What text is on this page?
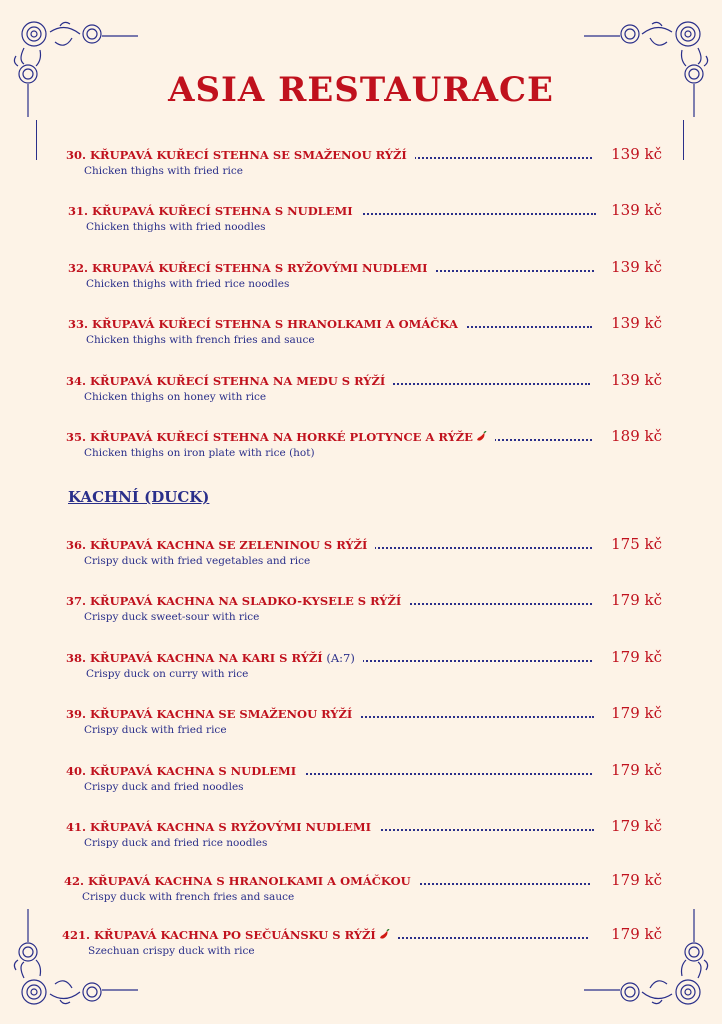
ASIA RESTAURACE
KACHNÍ (DUCK)
30. KŘUPAVÁ KUŘECÍ STEHNA SE SMAŽENOU RÝŽÍ	139 kč
Chicken thighs with fried rice
31. KŘUPAVÁ KUŘECÍ STEHNA S NUDLEMI	139 kč
Chicken thighs with fried noodles
32. KRUPAVÁ KUŘECÍ STEHNA S RYŽOVÝMI NUDLEMI	139 kč
Chicken thighs with fried rice noodles
33. KŘUPAVÁ KUŘECÍ STEHNA S HRANOLKAMI A OMÁČKA	139 kč
Chicken thighs with french fries and sauce
34. KŘUPAVÁ KUŘECÍ STEHNA NA MEDU S RÝŽÍ	139 kč
Chicken thighs on honey with rice
35. KŘUPAVÁ KUŘECÍ STEHNA NA HORKÉ PLOTYNCE A RÝŽE	189 kč
Chicken thighs on iron plate with rice (hot)
36. KŘUPAVÁ KACHNA SE ZELENINOU S RÝŽÍ	175 kč
Crispy duck with fried vegetables and rice
37. KŘUPAVÁ KACHNA NA SLADKO-KYSELE S RÝŽÍ	179 kč
Crispy duck sweet-sour with rice
38. KŘUPAVÁ KACHNA NA KARI S RÝŽÍ (A:7)	179 kč
Crispy duck on curry with rice
39. KŘUPAVÁ KACHNA SE SMAŽENOU RÝŽÍ	179 kč
Crispy duck with fried rice
40. KŘUPAVÁ KACHNA S NUDLEMI	179 kč
Crispy duck and fried noodles
41. KŘUPAVÁ KACHNA S RYŽOVÝMI NUDLEMI	179 kč
Crispy duck and fried rice noodles
42. KŘUPAVÁ KACHNA S HRANOLKAMI A OMÁČKOU	179 kč
Crispy duck with french fries and sauce
421. KŘUPAVÁ KACHNA PO SEČUÁNSKU S RÝŽÍ	179 kč
Szechuan crispy duck with rice
